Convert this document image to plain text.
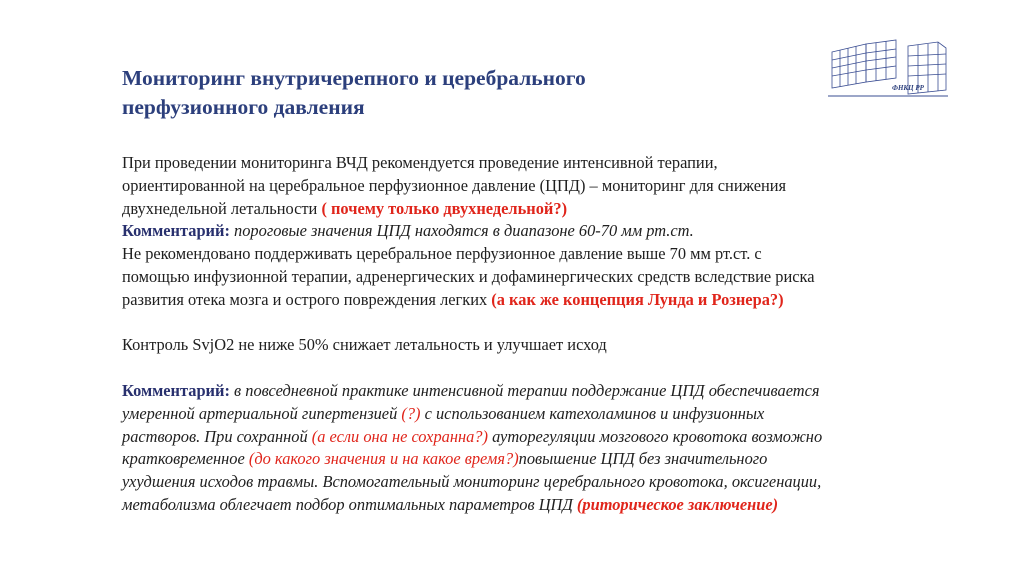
Мониторинг внутричерепного и церебрального
перфузионного давления
ФНКЦ РР
При проведении мониторинга ВЧД рекомендуется проведение интенсивной терапии,
ориентированной на церебральное перфузионное давление (ЦПД) – мониторинг для снижения
двухнедельной летальности ( почему только двухнедельной?)
Комментарий: пороговые значения ЦПД находятся в диапазоне 60-70 мм рт.ст.
Не рекомендовано поддерживать церебральное перфузионное давление выше 70 мм рт.ст. с
помощью инфузионной терапии, адренергических и дофаминергических средств вследствие риска
развития отека мозга и острого повреждения легких (а как же концепция Лунда и Рознера?)
Контроль SvjO2 не ниже 50% снижает летальность и улучшает исход
Комментарий: в повседневной практике интенсивной терапии поддержание ЦПД обеспечивается
умеренной артериальной гипертензией (?) с использованием катехоламинов и инфузионных
растворов. При сохранной (а если она не сохранна?) ауторегуляции мозгового кровотока возможно
кратковременное (до какого значения и на какое время?)повышение ЦПД без значительного
ухудшения исходов травмы. Вспомогательный мониторинг церебрального кровотока, оксигенации,
метаболизма облегчает подбор оптимальных параметров ЦПД (риторическое заключение)
